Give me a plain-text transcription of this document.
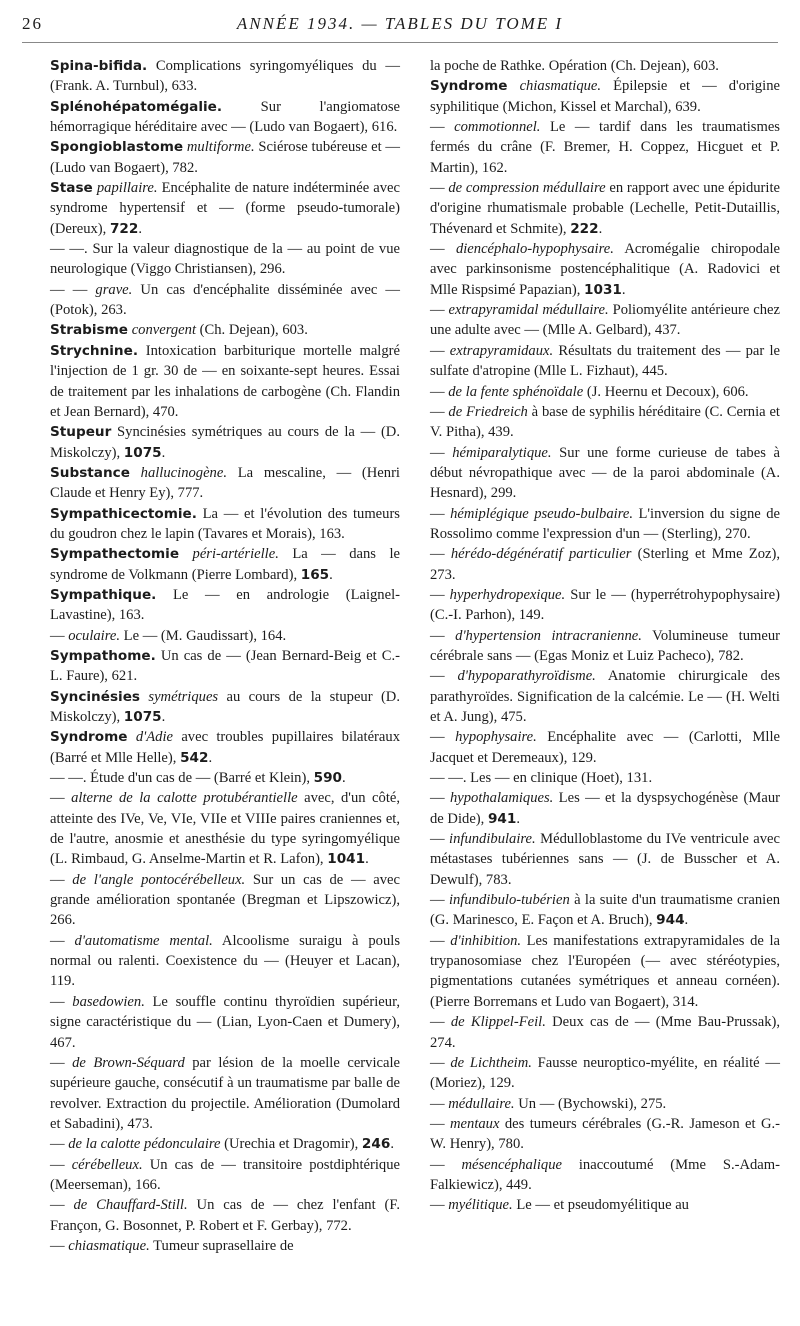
26	ANNÉE 1934. — TABLES DU TOME I

Spina-bifida. Complications syringomyéliques du — (Frank. A. Turnbul), 633.

Splénohépatomégalie. Sur l'angiomatose hémorragique héréditaire avec — (Ludo van Bogaert), 616.

Spongioblastome multiforme. Sciérose tubéreuse et — (Ludo van Bogaert), 782.

Stase papillaire. Encéphalite de nature indéterminée avec syndrome hypertensif et — (forme pseudo-tumorale) (Dereux), 722.

— —. Sur la valeur diagnostique de la — au point de vue neurologique (Viggo Christiansen), 296.

— — grave. Un cas d'encéphalite disséminée avec — (Potok), 263.

Strabisme convergent (Ch. Dejean), 603.

Strychnine. Intoxication barbiturique mortelle malgré l'injection de 1 gr. 30 de — en soixante-sept heures. Essai de traitement par les inhalations de carbogène (Ch. Flandin et Jean Bernard), 470.

Stupeur Syncinésies symétriques au cours de la — (D. Miskolczy), 1075.

Substance hallucinogène. La mescaline, — (Henri Claude et Henry Ey), 777.

Sympathicectomie. La — et l'évolution des tumeurs du goudron chez le lapin (Tavares et Morais), 163.

Sympathectomie péri-artérielle. La — dans le syndrome de Volkmann (Pierre Lombard), 165.

Sympathique. Le — en andrologie (Laignel-Lavastine), 163.

— oculaire. Le — (M. Gaudissart), 164.

Sympathome. Un cas de — (Jean Bernard-Beig et C.-L. Faure), 621.

Syncinésies symétriques au cours de la stupeur (D. Miskolczy), 1075.

Syndrome d'Adie avec troubles pupillaires bilatéraux (Barré et Mlle Helle), 542.

— —. Étude d'un cas de — (Barré et Klein), 590.

— alterne de la calotte protubérantielle avec, d'un côté, atteinte des IVe, Ve, VIe, VIIe et VIIIe paires craniennes et, de l'autre, anosmie et anesthésie du type syringomyélique (L. Rimbaud, G. Anselme-Martin et R. Lafon), 1041.

— de l'angle pontocérébelleux. Sur un cas de — avec grande amélioration spontanée (Bregman et Lipszowicz), 266.

— d'automatisme mental. Alcoolisme suraigu à pouls normal ou ralenti. Coexistence du — (Heuyer et Lacan), 119.

— basedowien. Le souffle continu thyroïdien supérieur, signe caractéristique du — (Lian, Lyon-Caen et Dumery), 467.

— de Brown-Séquard par lésion de la moelle cervicale supérieure gauche, consécutif à un traumatisme par balle de revolver. Extraction du projectile. Amélioration (Dumolard et Sabadini), 473.

— de la calotte pédonculaire (Urechia et Dragomir), 246.

— cérébelleux. Un cas de — transitoire postdiphtérique (Meerseman), 166.

— de Chauffard-Still. Un cas de — chez l'enfant (F. Françon, G. Bosonnet, P. Robert et F. Gerbay), 772.

— chiasmatique. Tumeur suprasellaire de

la poche de Rathke. Opération (Ch. Dejean), 603.

Syndrome chiasmatique. Épilepsie et — d'origine syphilitique (Michon, Kissel et Marchal), 639.

— commotionnel. Le — tardif dans les traumatismes fermés du crâne (F. Bremer, H. Coppez, Hicguet et P. Martin), 162.

— de compression médullaire en rapport avec une épidurite d'origine rhumatismale probable (Lechelle, Petit-Dutaillis, Thévenard et Schmite), 222.

— diencéphalo-hypophysaire. Acromégalie chiropodale avec parkinsonisme postencéphalitique (A. Radovici et Mlle Rispsimé Papazian), 1031.

— extrapyramidal médullaire. Poliomyélite antérieure chez une adulte avec — (Mlle A. Gelbard), 437.

— extrapyramidaux. Résultats du traitement des — par le sulfate d'atropine (Mlle L. Fizhaut), 445.

— de la fente sphénoïdale (J. Heernu et Decoux), 606.

— de Friedreich à base de syphilis héréditaire (C. Cernia et V. Pitha), 439.

— hémiparalytique. Sur une forme curieuse de tabes à début névropathique avec — de la paroi abdominale (A. Hesnard), 299.

— hémiplégique pseudo-bulbaire. L'inversion du signe de Rossolimo comme l'expression d'un — (Sterling), 270.

— hérédo-dégénératif particulier (Sterling et Mme Zoz), 273.

— hyperhydropexique. Sur le — (hyperrétrohypophysaire) (C.-I. Parhon), 149.

— d'hypertension intracranienne. Volumineuse tumeur cérébrale sans — (Egas Moniz et Luiz Pacheco), 782.

— d'hypoparathyroïdisme. Anatomie chirurgicale des parathyroïdes. Signification de la calcémie. Le — (H. Welti et A. Jung), 475.

— hypophysaire. Encéphalite avec — (Carlotti, Mlle Jacquet et Deremeaux), 129.

— —. Les — en clinique (Hoet), 131.

— hypothalamiques. Les — et la dyspsychogénèse (Maur de Dide), 941.

— infundibulaire. Médulloblastome du IVe ventricule avec métastases tubériennes sans — (J. de Busscher et A. Dewulf), 783.

— infundibulo-tubérien à la suite d'un traumatisme cranien (G. Marinesco, E. Façon et A. Bruch), 944.

— d'inhibition. Les manifestations extrapyramidales de la trypanosomiase chez l'Européen (— avec stéréotypies, pigmentations cutanées symétriques et anneau cornéen). (Pierre Borremans et Ludo van Bogaert), 314.

— de Klippel-Feil. Deux cas de — (Mme Bau-Prussak), 274.

— de Lichtheim. Fausse neuroptico-myélite, en réalité — (Moriez), 129.

— médullaire. Un — (Bychowski), 275.

— mentaux des tumeurs cérébrales (G.-R. Jameson et G.-W. Henry), 780.

— mésencéphalique inaccoutumé (Mme S.-Adam-Falkiewicz), 449.

— myélitique. Le — et pseudomyélitique au
